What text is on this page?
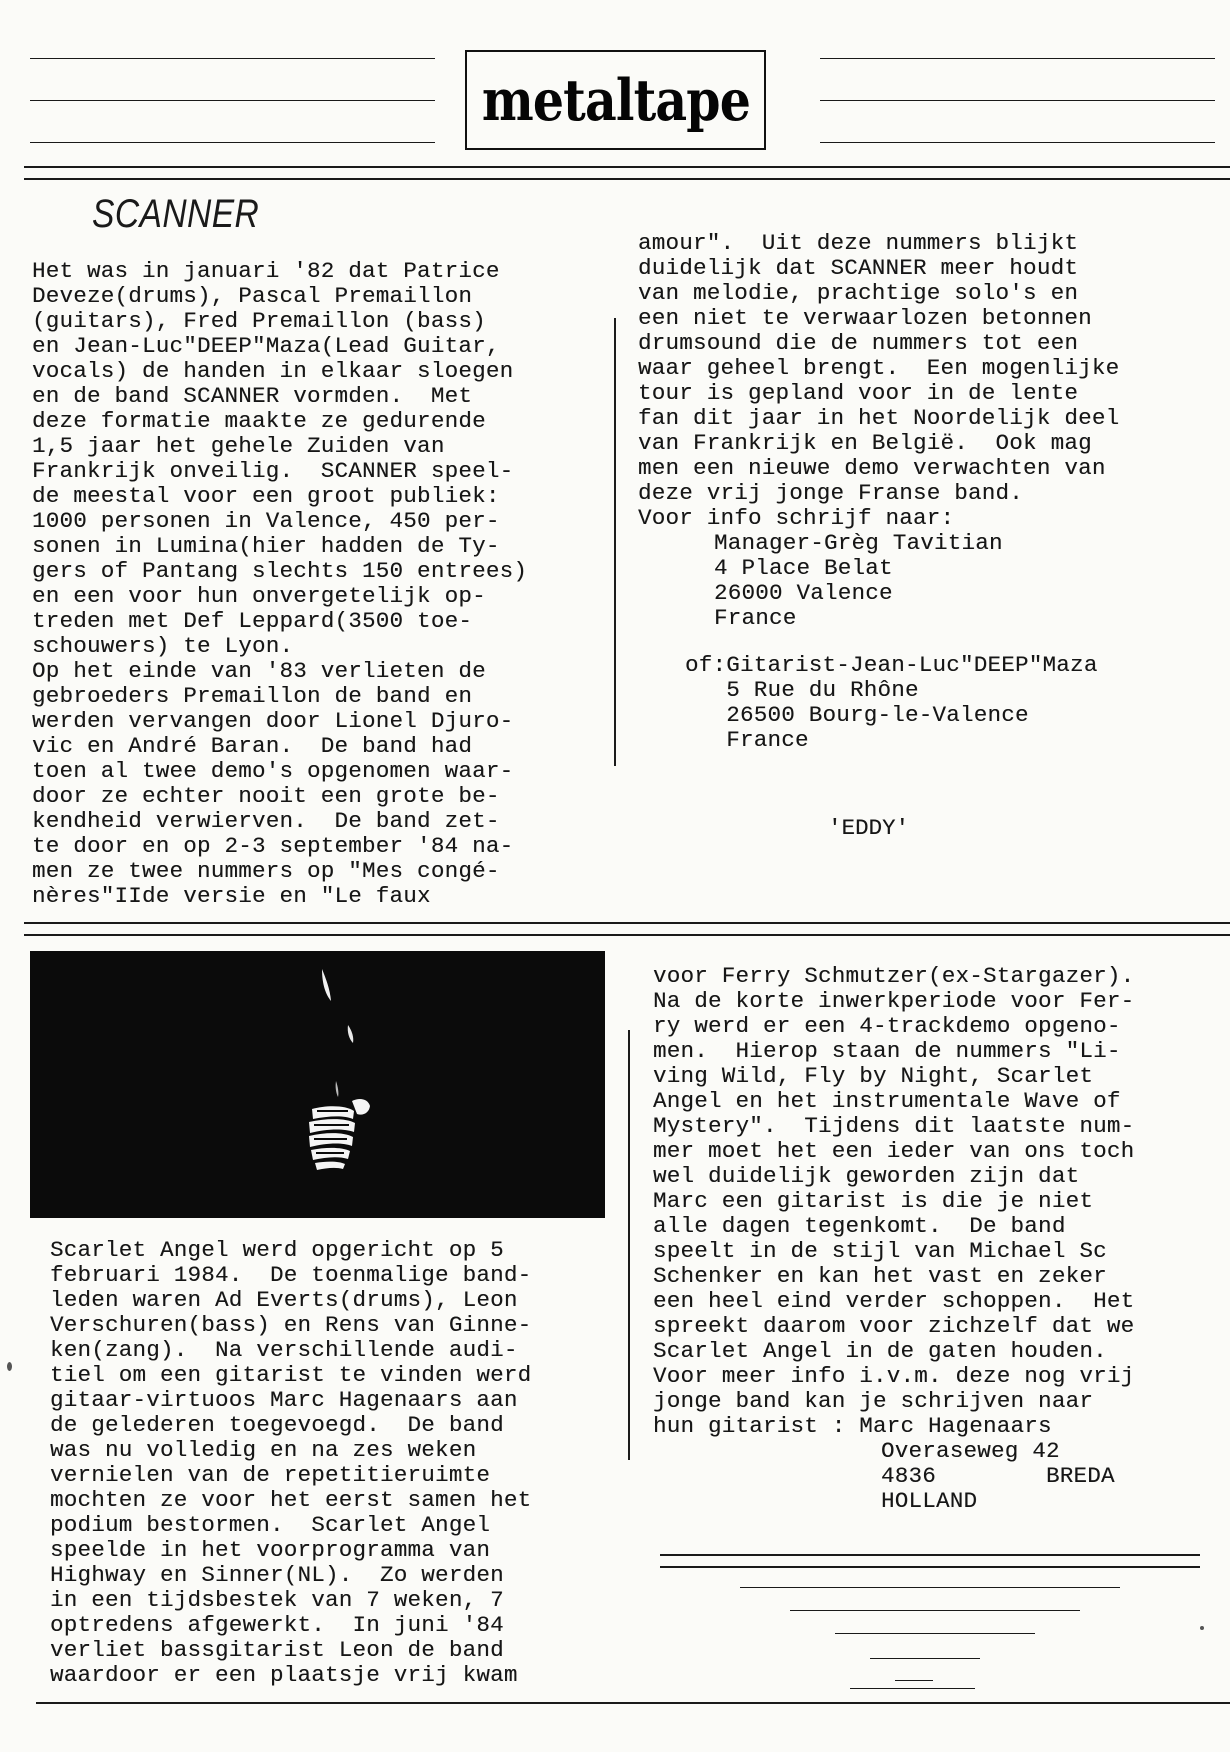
metaltape
SCANNER
Het was in januari '82 dat Patrice
Deveze(drums), Pascal Premaillon
(guitars), Fred Premaillon (bass)
en Jean-Luc"DEEP"Maza(Lead Guitar,
vocals) de handen in elkaar sloegen
en de band SCANNER vormden.  Met
deze formatie maakte ze gedurende
1,5 jaar het gehele Zuiden van
Frankrijk onveilig.  SCANNER speel-
de meestal voor een groot publiek:
1000 personen in Valence, 450 per-
sonen in Lumina(hier hadden de Ty-
gers of Pantang slechts 150 entrees)
en een voor hun onvergetelijk op-
treden met Def Leppard(3500 toe-
schouwers) te Lyon.
Op het einde van '83 verlieten de
gebroeders Premaillon de band en
werden vervangen door Lionel Djuro-
vic en André Baran.  De band had
toen al twee demo's opgenomen waar-
door ze echter nooit een grote be-
kendheid verwierven.  De band zet-
te door en op 2-3 september '84 na-
men ze twee nummers op "Mes congé-
nères"IIde versie en "Le faux
amour".  Uit deze nummers blijkt
duidelijk dat SCANNER meer houdt
van melodie, prachtige solo's en
een niet te verwaarlozen betonnen
drumsound die de nummers tot een
waar geheel brengt.  Een mogenlijke
tour is gepland voor in de lente
fan dit jaar in het Noordelijk deel
van Frankrijk en België.  Ook mag
men een nieuwe demo verwachten van
deze vrij jonge Franse band.
Voor info schrijf naar:
Manager-Grèg Tavitian
4 Place Belat
26000 Valence
France
of:Gitarist-Jean-Luc"DEEP"Maza
5 Rue du Rhône
26500 Bourg-le-Valence
France
'EDDY'
Scarlet Angel werd opgericht op 5
februari 1984.  De toenmalige band-
leden waren Ad Everts(drums), Leon
Verschuren(bass) en Rens van Ginne-
ken(zang).  Na verschillende audi-
tiel om een gitarist te vinden werd
gitaar-virtuoos Marc Hagenaars aan
de gelederen toegevoegd.  De band
was nu volledig en na zes weken
vernielen van de repetitieruimte
mochten ze voor het eerst samen het
podium bestormen.  Scarlet Angel
speelde in het voorprogramma van
Highway en Sinner(NL).  Zo werden
in een tijdsbestek van 7 weken, 7
optredens afgewerkt.  In juni '84
verliet bassgitarist Leon de band
waardoor er een plaatsje vrij kwam
voor Ferry Schmutzer(ex-Stargazer).
Na de korte inwerkperiode voor Fer-
ry werd er een 4-trackdemo opgeno-
men.  Hierop staan de nummers "Li-
ving Wild, Fly by Night, Scarlet
Angel en het instrumentale Wave of
Mystery".  Tijdens dit laatste num-
mer moet het een ieder van ons toch
wel duidelijk geworden zijn dat
Marc een gitarist is die je niet
alle dagen tegenkomt.  De band
speelt in de stijl van Michael Sc
Schenker en kan het vast en zeker
een heel eind verder schoppen.  Het
spreekt daarom voor zichzelf dat we
Scarlet Angel in de gaten houden.
Voor meer info i.v.m. deze nog vrij
jonge band kan je schrijven naar
hun gitarist : Marc Hagenaars
Overaseweg 42
4836        BREDA
HOLLAND
